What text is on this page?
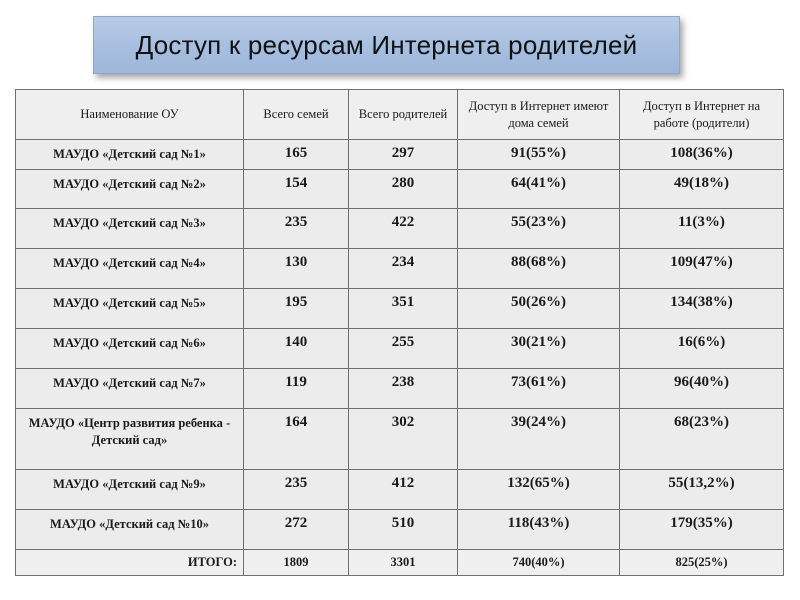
Доступ к ресурсам Интернета родителей
Наименование ОУ	Всего семей	Всего родителей	Доступ в Интернет имеют дома семей	Доступ в Интернет на работе (родители)
МАУДО «Детский сад №1»	165	297	91(55%)	108(36%)
МАУДО «Детский сад №2»	154	280	64(41%)	49(18%)
МАУДО «Детский сад №3»	235	422	55(23%)	11(3%)
МАУДО «Детский сад №4»	130	234	88(68%)	109(47%)
МАУДО «Детский сад №5»	195	351	50(26%)	134(38%)
МАУДО «Детский сад №6»	140	255	30(21%)	16(6%)
МАУДО «Детский сад №7»	119	238	73(61%)	96(40%)
МАУДО «Центр развития ребенка - Детский сад»	164	302	39(24%)	68(23%)
МАУДО «Детский сад №9»	235	412	132(65%)	55(13,2%)
МАУДО «Детский сад №10»	272	510	118(43%)	179(35%)
ИТОГО:	1809	3301	740(40%)	825(25%)
